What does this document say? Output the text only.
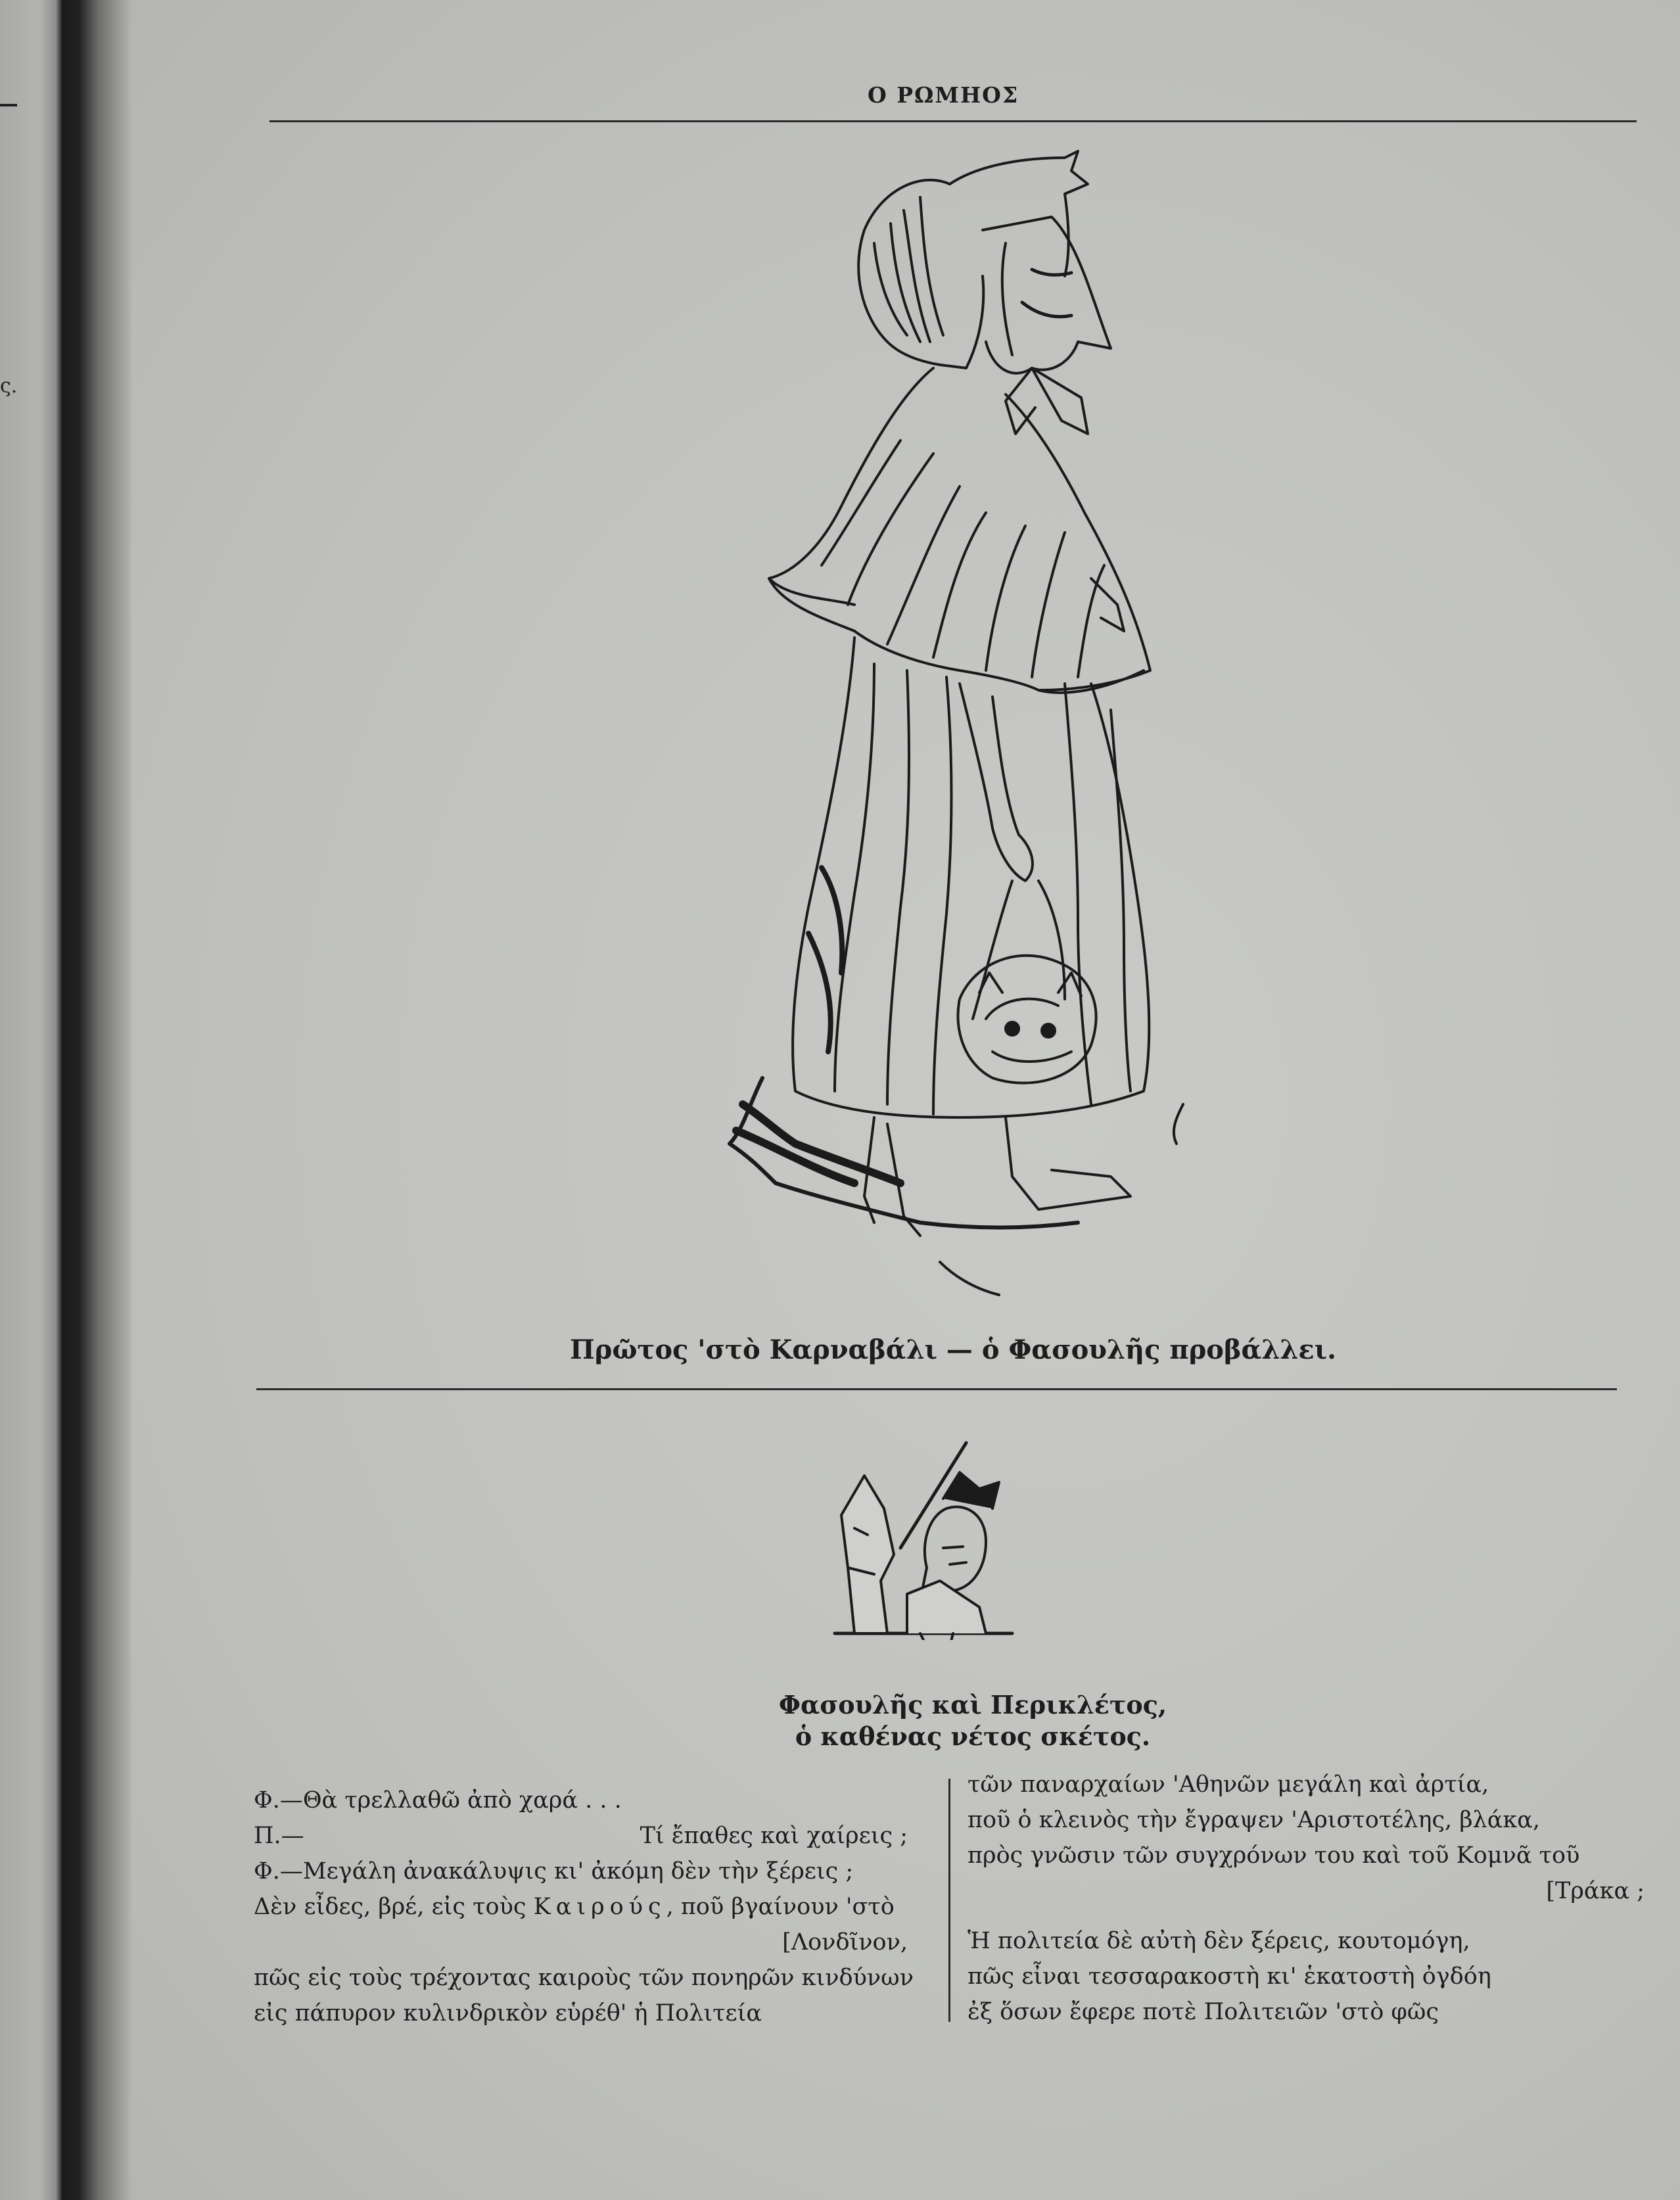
ς.
Ο ΡΩΜΗΟΣ
Πρῶτος 'στὸ Καρναβάλι — ὁ Φασουλῆς προβάλλει.
Φασουλῆς καὶ Περικλέτος,
ὁ καθένας νέτος σκέτος.
Φ.—Θὰ τρελλαθῶ ἀπὸ χαρά . . .
Π.—	Τί ἔπαθες καὶ χαίρεις ;
Φ.—Μεγάλη ἀνακάλυψις κι' ἀκόμη δὲν τὴν ξέρεις ;
Δὲν εἶδες, βρέ, εἰς τοὺς Καιρούς, ποῦ βγαίνουν 'στὸ
[Λονδῖνον,
πῶς εἰς τοὺς τρέχοντας καιροὺς τῶν πονηρῶν κινδύνων
εἰς πάπυρον κυλινδρικὸν εὑρέθ' ἡ Πολιτεία
τῶν παναρχαίων 'Αθηνῶν μεγάλη καὶ ἀρτία,
ποῦ ὁ κλεινὸς τὴν ἔγραψεν 'Αριστοτέλης, βλάκα,
πρὸς γνῶσιν τῶν συγχρόνων του καὶ τοῦ Κομνᾶ τοῦ
[Τράκα ;
Ἡ πολιτεία δὲ αὐτὴ δὲν ξέρεις, κουτομόγη,
πῶς εἶναι τεσσαρακοστὴ κι' ἑκατοστὴ ὀγδόη
ἐξ ὅσων ἔφερε ποτὲ Πολιτειῶν 'στὸ φῶς
